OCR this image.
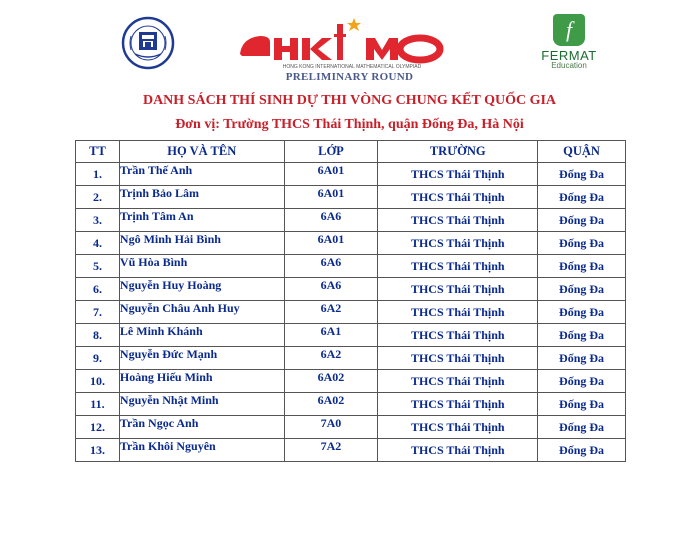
HONG KONG INTERNATIONAL MATHEMATICAL OLYMPIAD
f
FERMAT
Education
PRELIMINARY ROUND
DANH SÁCH THÍ SINH DỰ THI VÒNG CHUNG KẾT QUỐC GIA
Đơn vị: Trường THCS Thái Thịnh, quận Đống Đa, Hà Nội
TT	HỌ VÀ TÊN	LỚP	TRƯỜNG	QUẬN
1.	Trần Thế Anh	6A01	THCS Thái Thịnh	Đống Đa
2.	Trịnh Bảo Lâm	6A01	THCS Thái Thịnh	Đống Đa
3.	Trịnh Tâm An	6A6	THCS Thái Thịnh	Đống Đa
4.	Ngô Minh Hải Bình	6A01	THCS Thái Thịnh	Đống Đa
5.	Vũ Hòa Bình	6A6	THCS Thái Thịnh	Đống Đa
6.	Nguyễn Huy Hoàng	6A6	THCS Thái Thịnh	Đống Đa
7.	Nguyễn Châu Anh Huy	6A2	THCS Thái Thịnh	Đống Đa
8.	Lê Minh Khánh	6A1	THCS Thái Thịnh	Đống Đa
9.	Nguyễn Đức Mạnh	6A2	THCS Thái Thịnh	Đống Đa
10.	Hoàng Hiếu Minh	6A02	THCS Thái Thịnh	Đống Đa
11.	Nguyễn Nhật Minh	6A02	THCS Thái Thịnh	Đống Đa
12.	Trần Ngọc Anh	7A0	THCS Thái Thịnh	Đống Đa
13.	Trần Khôi Nguyên	7A2	THCS Thái Thịnh	Đống Đa
